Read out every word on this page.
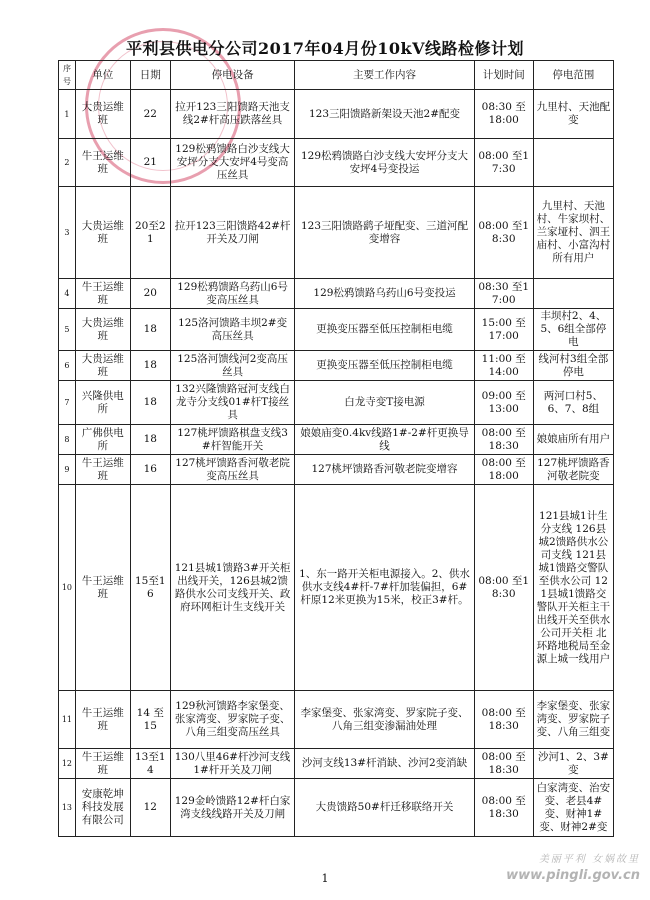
平利县供电分公司2017年04月份10kV线路检修计划
序号	单位	日期	停电设备	主要工作内容	计划时间	停电范围
1	大贵运维班	22	拉开123三阳馈路天池支线2#杆高压跌落丝具	123三阳馈路新架设天池2#配变	08:30 至 18:00	九里村、天池配变
2	牛王运维班	21	129松鸦馈路白沙支线大安坪分支大安坪4号变高压丝具	129松鸦馈路白沙支线大安坪分支大安坪4号变投运	08:00 至17:30	
3	大贵运维班	20至21	拉开123三阳馈路42#杆开关及刀闸	123三阳馈路鹞子垭配变、三道河配变增容	08:00 至18:30	九里村、天池村、牛家坝村、兰家垭村、泗王庙村、小富沟村所有用户
4	牛王运维班	20	129松鸦馈路乌药山6号变高压丝具	129松鸦馈路乌药山6号变投运	08:30 至17:00	
5	大贵运维班	18	125洛河馈路丰坝2#变高压丝具	更换变压器至低压控制柜电缆	15:00 至 17:00	丰坝村2、4、5、6组全部停电
6	大贵运维班	18	125洛河馈线河2变高压丝具	更换变压器至低压控制柜电缆	11:00 至 14:00	线河村3组全部停电
7	兴隆供电所	18	132兴隆馈路冠河支线白龙寺分支线01#杆T接丝具	白龙寺变T接电源	09:00 至 13:00	两河口村5、6、7、8组
8	广佛供电所	18	127桃坪馈路棋盘支线3#杆智能开关	娘娘庙变0.4kv线路1#-2#杆更换导线	08:00 至 18:30	娘娘庙所有用户
9	牛王运维班	16	127桃坪馈路香河敬老院变高压丝具	127桃坪馈路香河敬老院变增容	08:00 至 18:00	127桃坪馈路香河敬老院变
10	牛王运维班	15至16	121县城1馈路3#开关柜出线开关，126县城2馈路供水公司支线开关、政府环网柜计生支线开关	1、东一路开关柜电源接入。2、供水供水支线4#杆-7#杆加装偏担，6#杆原12米更换为15米，校正3#杆。	08:00 至18:30	121县城1计生分支线 126县城2馈路供水公司支线 121县城1馈路交警队至供水公司 121县城1馈路交警队开关柜主干出线开关至供水公司开关柜 北环路地税局至金源上城一线用户
11	牛王运维班	14 至 15	129秋河馈路李家堡变、张家湾变、罗家院子变、八角三组变高压丝具	李家堡变、张家湾变、罗家院子变、八角三组变渗漏油处理	08:00 至 18:30	李家堡变、张家湾变、罗家院子变、八角三组变
12	牛王运维班	13至14	130八里46#杆沙河支线1#杆开关及刀闸	沙河支线13#杆消缺、沙河2变消缺	08:00 至 18:30	沙河1、2、3#变
13	安康乾坤科技发展有限公司	12	129金岭馈路12#杆白家湾支线线路开关及刀闸	大贵馈路50#杆迁移联络开关	08:00 至 18:30	白家湾变、治安变、老县4#变、财神1#变、财神2#变
美丽平利 女娲故里
www.pingli.gov.cn
1
